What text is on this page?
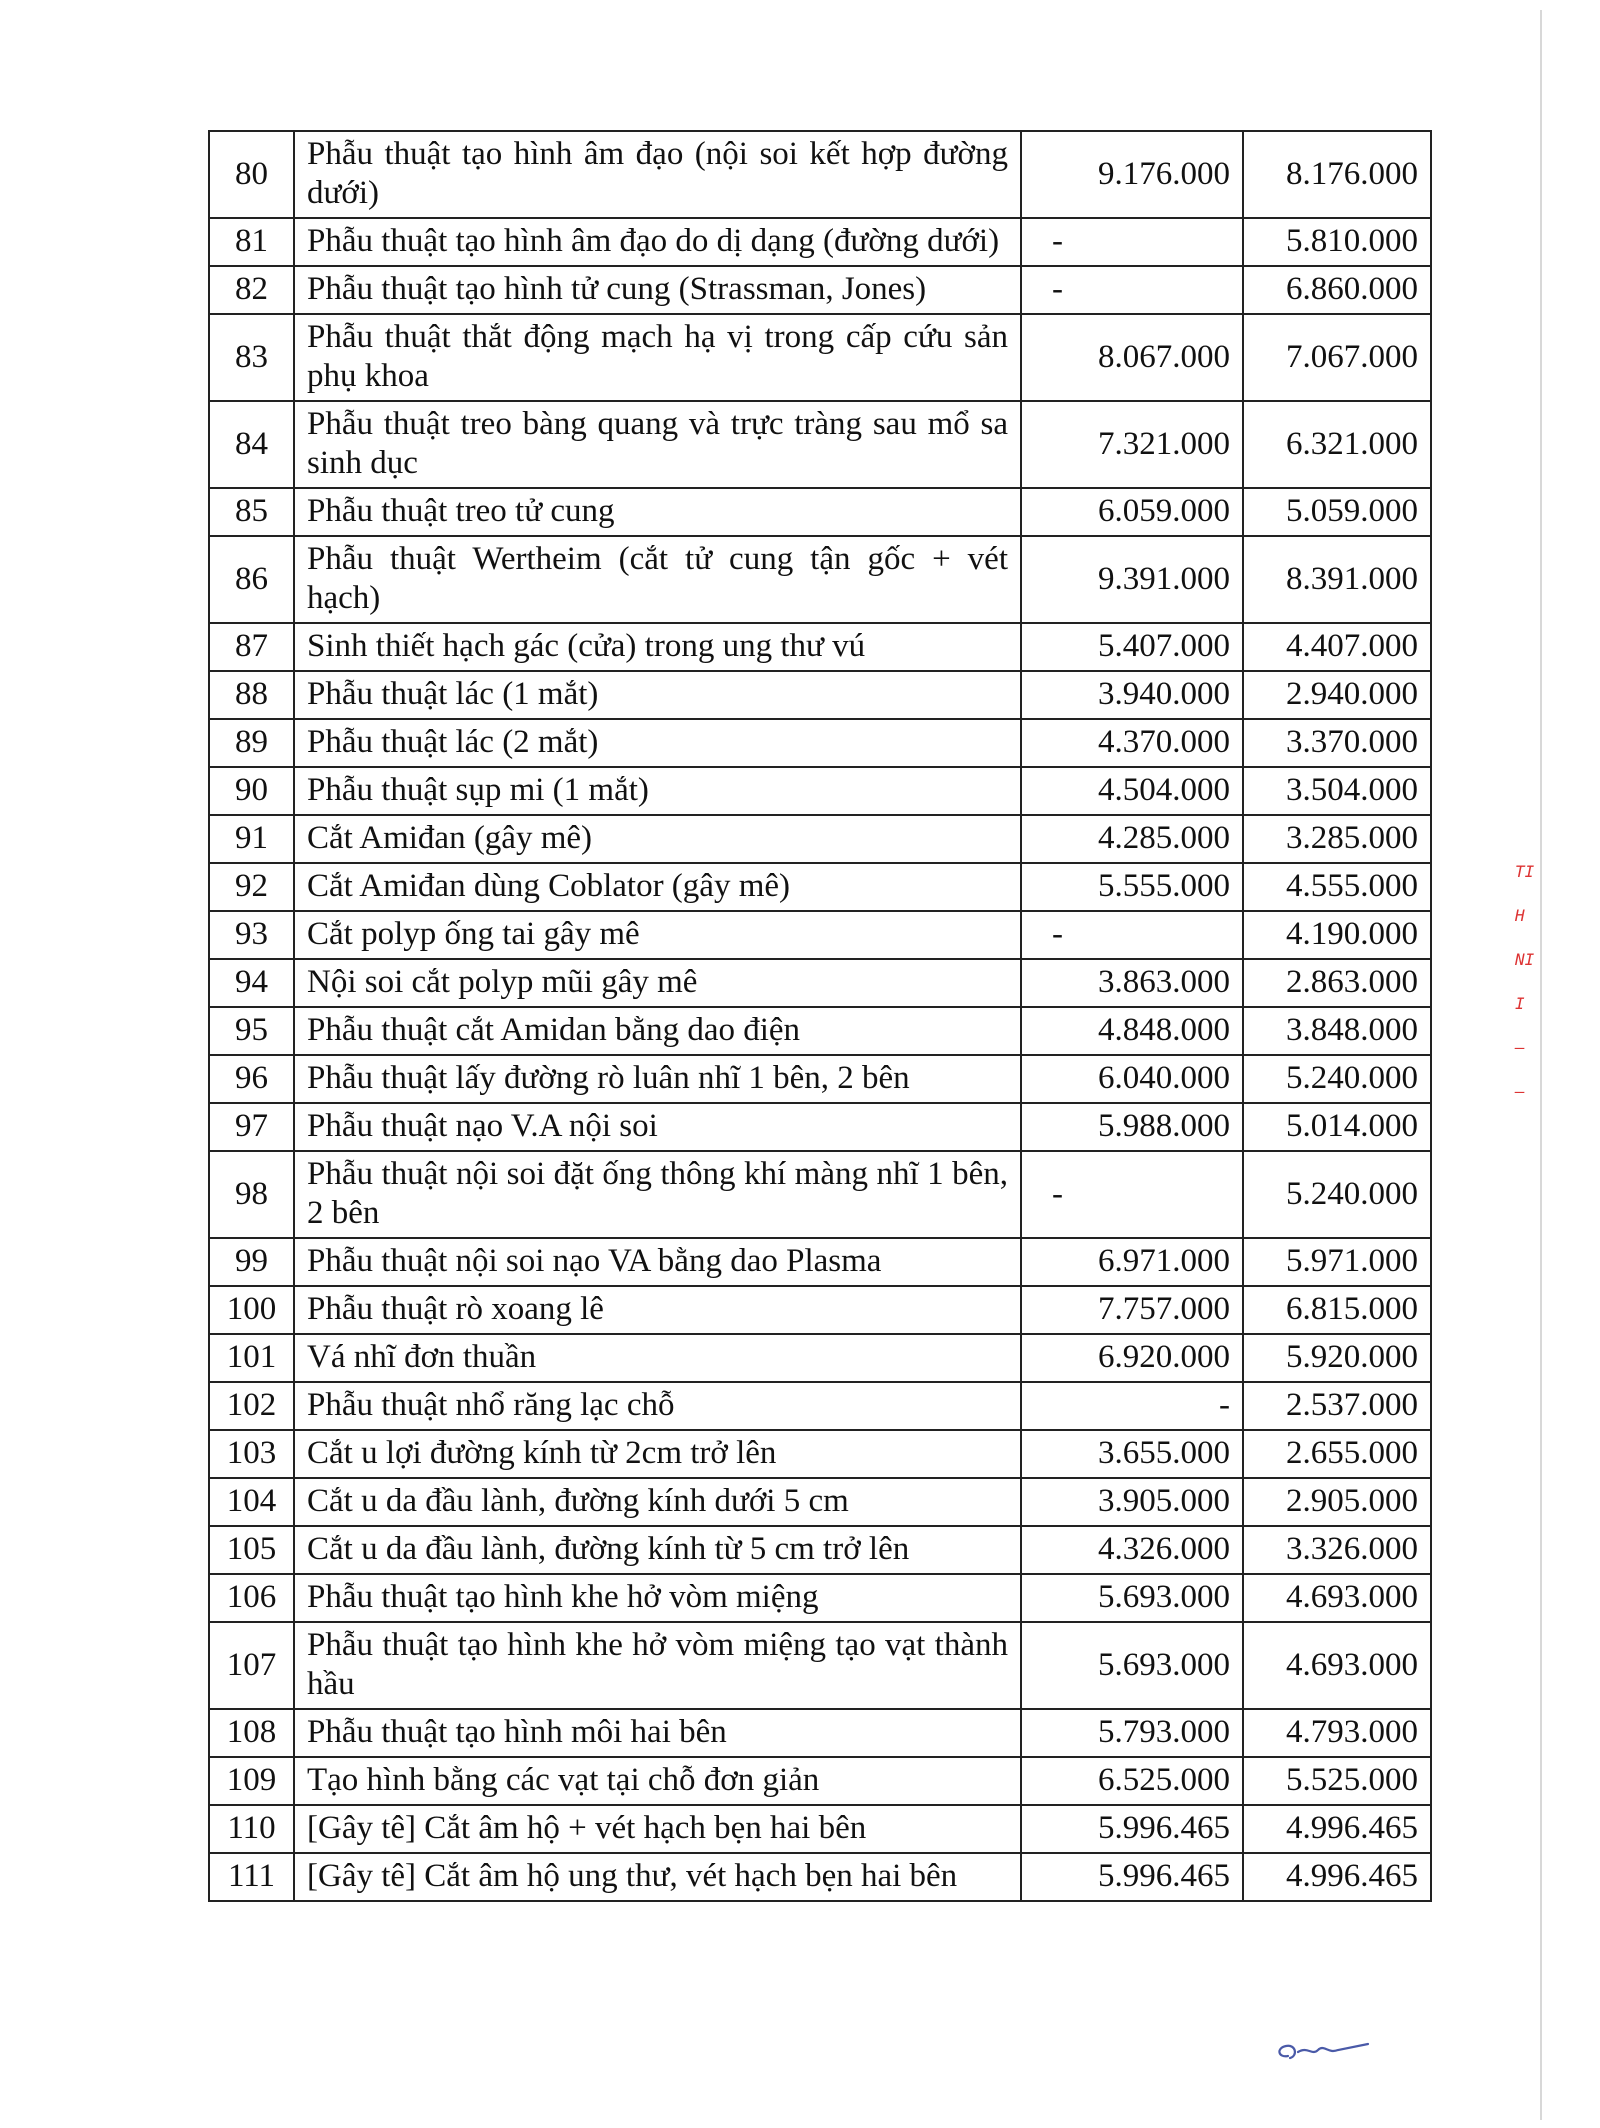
80	Phẫu thuật tạo hình âm đạo (nội soi kết hợp đường dưới)	9.176.000	8.176.000
81	Phẫu thuật tạo hình âm đạo do dị dạng (đường dưới)	-	5.810.000
82	Phẫu thuật tạo hình tử cung (Strassman, Jones)	-	6.860.000
83	Phẫu thuật thắt động mạch hạ vị trong cấp cứu sản phụ khoa	8.067.000	7.067.000
84	Phẫu thuật treo bàng quang và trực tràng sau mổ sa sinh dục	7.321.000	6.321.000
85	Phẫu thuật treo tử cung	6.059.000	5.059.000
86	Phẫu thuật Wertheim (cắt tử cung tận gốc + vét hạch)	9.391.000	8.391.000
87	Sinh thiết hạch gác (cửa) trong ung thư vú	5.407.000	4.407.000
88	Phẫu thuật lác (1 mắt)	3.940.000	2.940.000
89	Phẫu thuật lác (2 mắt)	4.370.000	3.370.000
90	Phẫu thuật sụp mi (1 mắt)	4.504.000	3.504.000
91	Cắt Amiđan (gây mê)	4.285.000	3.285.000
92	Cắt Amiđan dùng Coblator (gây mê)	5.555.000	4.555.000
93	Cắt polyp ống tai gây mê	-	4.190.000
94	Nội soi cắt polyp mũi gây mê	3.863.000	2.863.000
95	Phẫu thuật cắt Amidan bằng dao điện	4.848.000	3.848.000
96	Phẫu thuật lấy đường rò luân nhĩ 1 bên, 2 bên	6.040.000	5.240.000
97	Phẫu thuật nạo V.A nội soi	5.988.000	5.014.000
98	Phẫu thuật nội soi đặt ống thông khí màng nhĩ 1 bên, 2 bên	-	5.240.000
99	Phẫu thuật nội soi nạo VA bằng dao Plasma	6.971.000	5.971.000
100	Phẫu thuật rò xoang lê	7.757.000	6.815.000
101	Vá nhĩ đơn thuần	6.920.000	5.920.000
102	Phẫu thuật nhổ răng lạc chỗ	-	2.537.000
103	Cắt u lợi đường kính từ 2cm trở lên	3.655.000	2.655.000
104	Cắt u da đầu lành, đường kính dưới 5 cm	3.905.000	2.905.000
105	Cắt u da đầu lành, đường kính từ 5 cm trở lên	4.326.000	3.326.000
106	Phẫu thuật tạo hình khe hở vòm miệng	5.693.000	4.693.000
107	Phẫu thuật tạo hình khe hở vòm miệng tạo vạt thành hầu	5.693.000	4.693.000
108	Phẫu thuật tạo hình môi hai bên	5.793.000	4.793.000
109	Tạo hình bằng các vạt tại chỗ đơn giản	6.525.000	5.525.000
110	[Gây tê] Cắt âm hộ + vét hạch bẹn hai bên	5.996.465	4.996.465
111	[Gây tê] Cắt âm hộ ung thư, vét hạch bẹn hai bên	5.996.465	4.996.465
TI
H
NI
I
—
—
